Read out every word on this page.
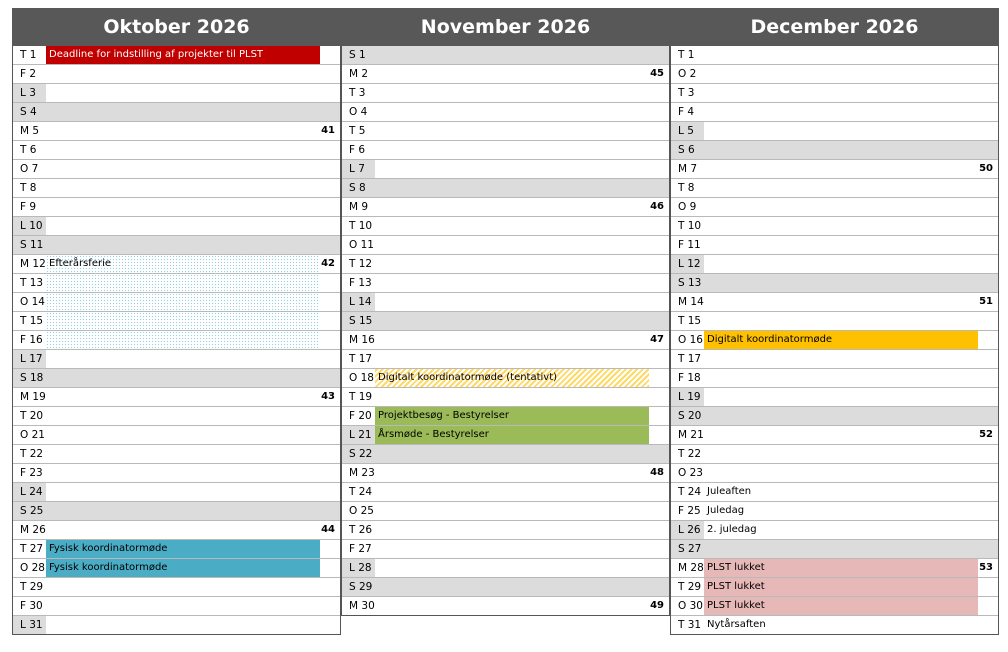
Oktober 2026
T 1	Deadline for indstilling af projekter til PLST
F 2
L 3
S 4
M 5	41
T 6
O 7
T 8
F 9
L 10
S 11
M 12 Efterårsferie	42
T 13
O 14
T 15
F 16
L 17
S 18
M 19	43
T 20
O 21
T 22
F 23
L 24
S 25
M 26	44
T 27 Fysisk koordinatormøde
O 28 Fysisk koordinatormøde
T 29
F 30
L 31
November 2026
S 1
M 2	45
T 3
O 4
T 5
F 6
L 7
S 8
M 9	46
T 10
O 11
T 12
F 13
L 14
S 15
M 16	47
T 17
O 18 Digitalt koordinatormøde (tentativt)
T 19
F 20 Projektbesøg - Bestyrelser
L 21 Årsmøde - Bestyrelser
S 22
M 23	48
T 24
O 25
T 26
F 27
L 28
S 29
M 30	49
December 2026
T 1
O 2
T 3
F 4
L 5
S 6
M 7	50
T 8
O 9
T 10
F 11
L 12
S 13
M 14	51
T 15
O 16 Digitalt koordinatormøde
T 17
F 18
L 19
S 20
M 21	52
T 22
O 23
T 24 Juleaften
F 25 Juledag
L 26 2. juledag
S 27
M 28 PLST lukket	53
T 29 PLST lukket
O 30 PLST lukket
T 31 Nytårsaften
